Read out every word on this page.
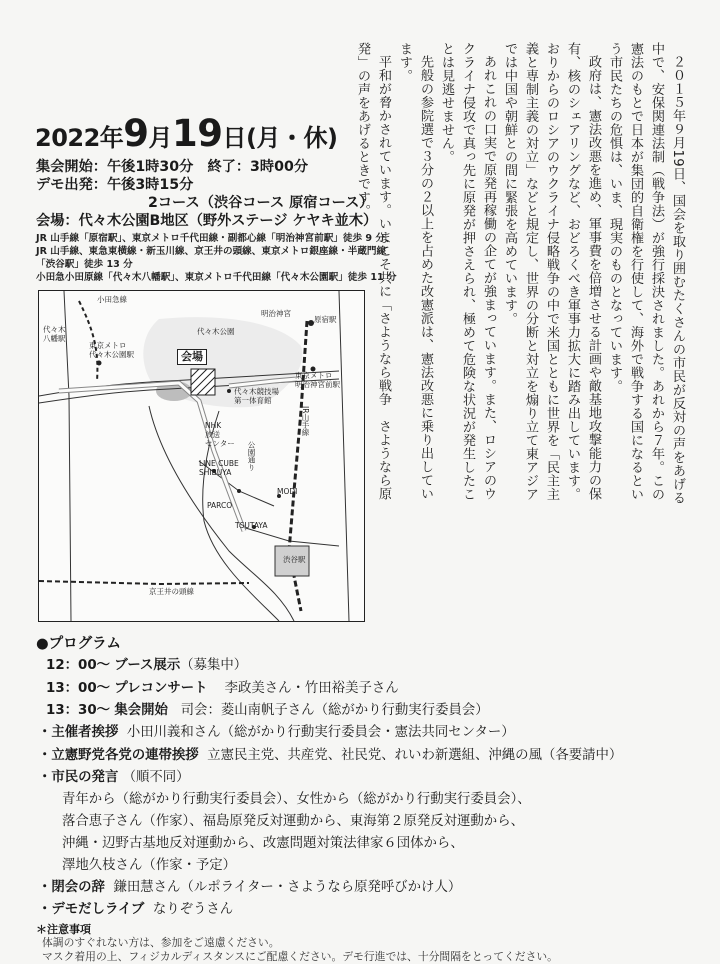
２０１５年９月19日、国会を取り囲むたくさんの市民が反対の声をあげる中で、安保関連法制（戦争法）が強行採決されました。あれから７年。この憲法のもとで日本が集団的自衛権を行使して、海外で戦争する国になるという市民たちの危惧は、いま、現実のものとなっています。

政府は、憲法改悪を進め、軍事費を倍増させる計画や敵基地攻撃能力の保有、核のシェアリングなど、おどろくべき軍事力拡大に踏み出しています。おりからのロシアのウクライナ侵略戦争の中で米国とともに世界を「民主主義と専制主義の対立」などと規定し、世界の分断と対立を煽り立て東アジアでは中国や朝鮮との間に緊張を高めています。

あれこれの口実で原発再稼働の企てが強まっています。また、ロシアのウクライナ侵攻で真っ先に原発が押さえられ、極めて危険な状況が発生したことは見逃せません。

先般の参院選で３分の２以上を占めた改憲派は、憲法改悪に乗り出しています。

平和が脅かされています。いまこそ共に「さようなら戦争　さようなら原発」の声をあげるときです。

2022年9月19日(月・休)
集会開始：午後1時30分　終了：3時00分
デモ出発：午後3時15分
2コース（渋谷コース 原宿コース）
会場：代々木公園B地区（野外ステージ ケヤキ並木）
JR 山手線「原宿駅」、東京メトロ千代田線・副都心線「明治神宮前駅」徒歩 9 分、
JR 山手線、東急東横線・新玉川線、京王井の頭線、東京メトロ銀座線・半蔵門線
「渋谷駅」徒歩 13 分
小田急小田原線「代々木八幡駅」、東京メトロ千代田線「代々木公園駅」徒歩 11 分
小田急線
代々木
八幡駅
東京メトロ
代々木公園駅
明治神宮
原宿駅
代々木公園
会場
東京メトロ
明治神宮前駅
代々木競技場
第一体育館
JR山手線
NHK
放送
センター
LINE CUBE
SHIBUYA
公園通り
PARCO
MODI
TSUTAYA
渋谷駅
京王井の頭線
●プログラム
12：00〜 ブース展示（募集中）
13：00〜 プレコンサート 李政美さん・竹田裕美子さん
13：30〜 集会開始 司会：菱山南帆子さん（総がかり行動実行委員会）
・主催者挨拶 小田川義和さん（総がかり行動実行委員会・憲法共同センター）
・立憲野党各党の連帯挨拶 立憲民主党、共産党、社民党、れいわ新選組、沖縄の風（各要請中）
・市民の発言 （順不同）
青年から（総がかり行動実行委員会）、女性から（総がかり行動実行委員会）、
落合恵子さん（作家）、福島原発反対運動から、東海第２原発反対運動から、
沖縄・辺野古基地反対運動から、改憲問題対策法律家６団体から、
澤地久枝さん（作家・予定）
・閉会の辞 鎌田慧さん（ルポライター・さようなら原発呼びかけ人）
・デモだしライブ なりぞうさん
＊注意事項
体調のすぐれない方は、参加をご遠慮ください。
マスク着用の上、フィジカルディスタンスにご配慮ください。デモ行進では、十分間隔をとってください。
